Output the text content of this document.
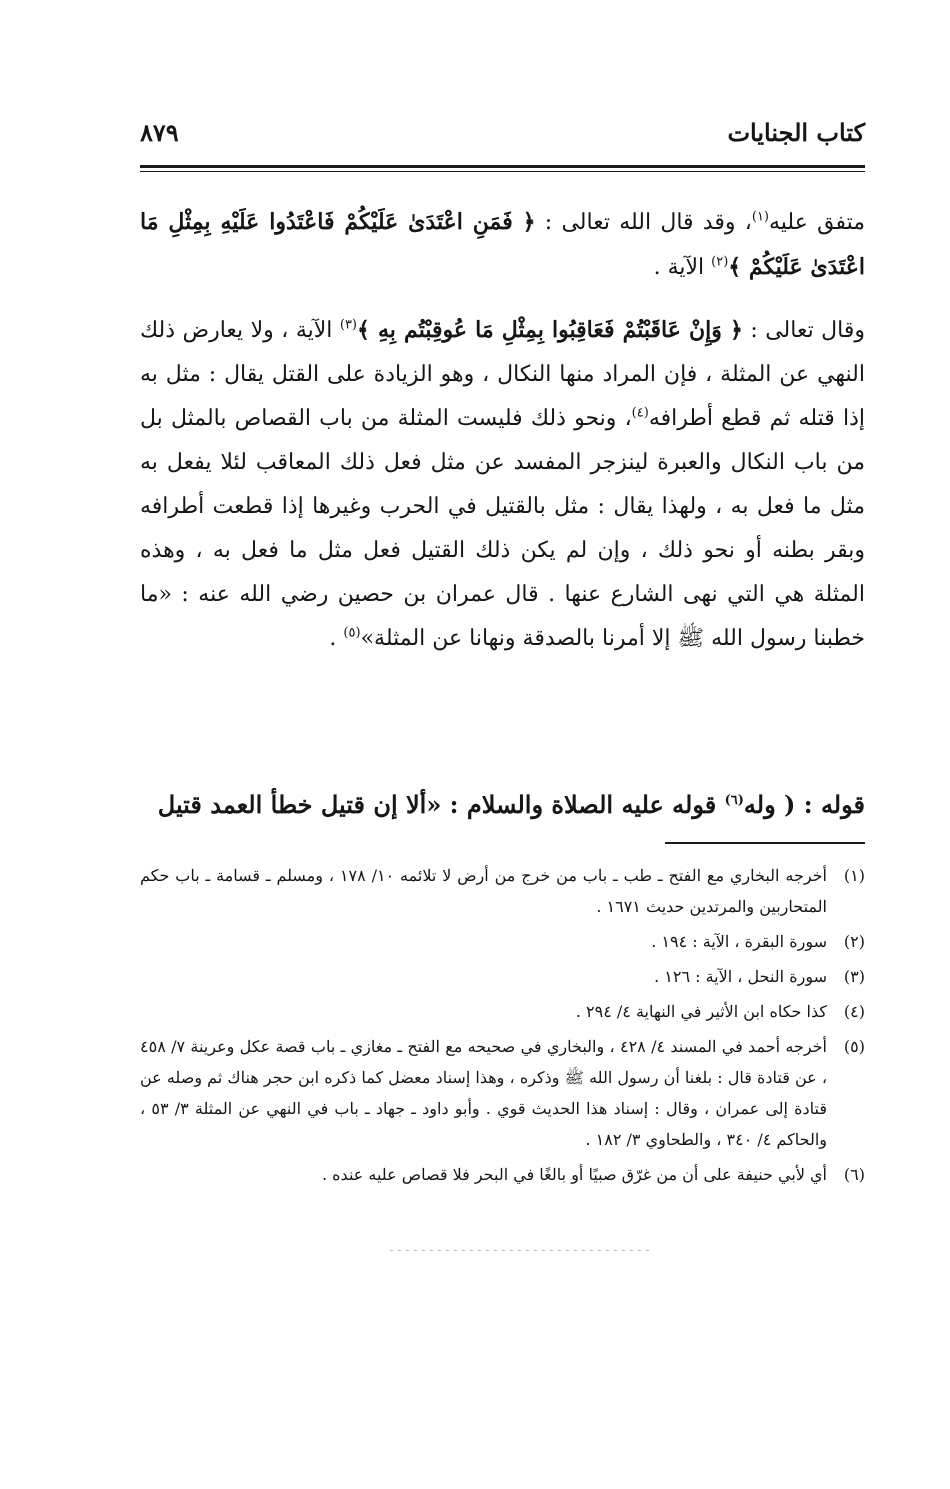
كتاب الجنايات
٨٧٩

متفق عليه$^{(١)}$، وقد قال الله تعالى : ﴿ فَمَنِ اعْتَدَىٰ عَلَيْكُمْ فَاعْتَدُوا عَلَيْهِ بِمِثْلِ مَا اعْتَدَىٰ عَلَيْكُمْ ﴾$^{(٢)}$ الآية .

وقال تعالى : ﴿ وَإِنْ عَاقَبْتُمْ فَعَاقِبُوا بِمِثْلِ مَا عُوقِبْتُم بِهِ ﴾$^{(٣)}$ الآية ، ولا يعارض ذلك النهي عن المثلة ، فإن المراد منها النكال ، وهو الزيادة على القتل يقال : مثل به إذا قتله ثم قطع أطرافه$^{(٤)}$، ونحو ذلك فليست المثلة من باب القصاص بالمثل بل من باب النكال والعبرة لينزجر المفسد عن مثل فعل ذلك المعاقب لئلا يفعل به مثل ما فعل به ، ولهذا يقال : مثل بالقتيل في الحرب وغيرها إذا قطعت أطرافه وبقر بطنه أو نحو ذلك ، وإن لم يكن ذلك القتيل فعل مثل ما فعل به ، وهذه المثلة هي التي نهى الشارع عنها . قال عمران بن حصين رضي الله عنه : «ما خطبنا رسول الله ﷺ إلا أمرنا بالصدقة ونهانا عن المثلة»$^{(٥)}$ .

قوله : ( وله$^{(٦)}$ قوله عليه الصلاة والسلام : «ألا إن قتيل خطأ العمد قتيل
(١)
أخرجه البخاري مع الفتح ـ طب ـ باب من خرج من أرض لا تلائمه ١٠/ ١٧٨ ، ومسلم ـ قسامة ـ باب حكم المتحاربين والمرتدين حديث ١٦٧١ .
(٢)
سورة البقرة ، الآية : ١٩٤ .
(٣)
سورة النحل ، الآية : ١٢٦ .
(٤)
كذا حكاه ابن الأثير في النهاية ٤/ ٢٩٤ .
(٥)
أخرجه أحمد في المسند ٤/ ٤٢٨ ، والبخاري في صحيحه مع الفتح ـ مغازي ـ باب قصة عكل وعرينة ٧/ ٤٥٨ ، عن قتادة قال : بلغنا أن رسول الله ﷺ وذكره ، وهذا إسناد معضل كما ذكره ابن حجر هناك ثم وصله عن قتادة إلى عمران ، وقال : إسناد هذا الحديث قوي . وأبو داود ـ جهاد ـ باب في النهي عن المثلة ٣/ ٥٣ ، والحاكم ٤/ ٣٤٠ ، والطحاوي ٣/ ١٨٢ .
(٦)
أي لأبي حنيفة على أن من غرّق صبيًا أو بالغًا في البحر فلا قصاص عليه عنده .
